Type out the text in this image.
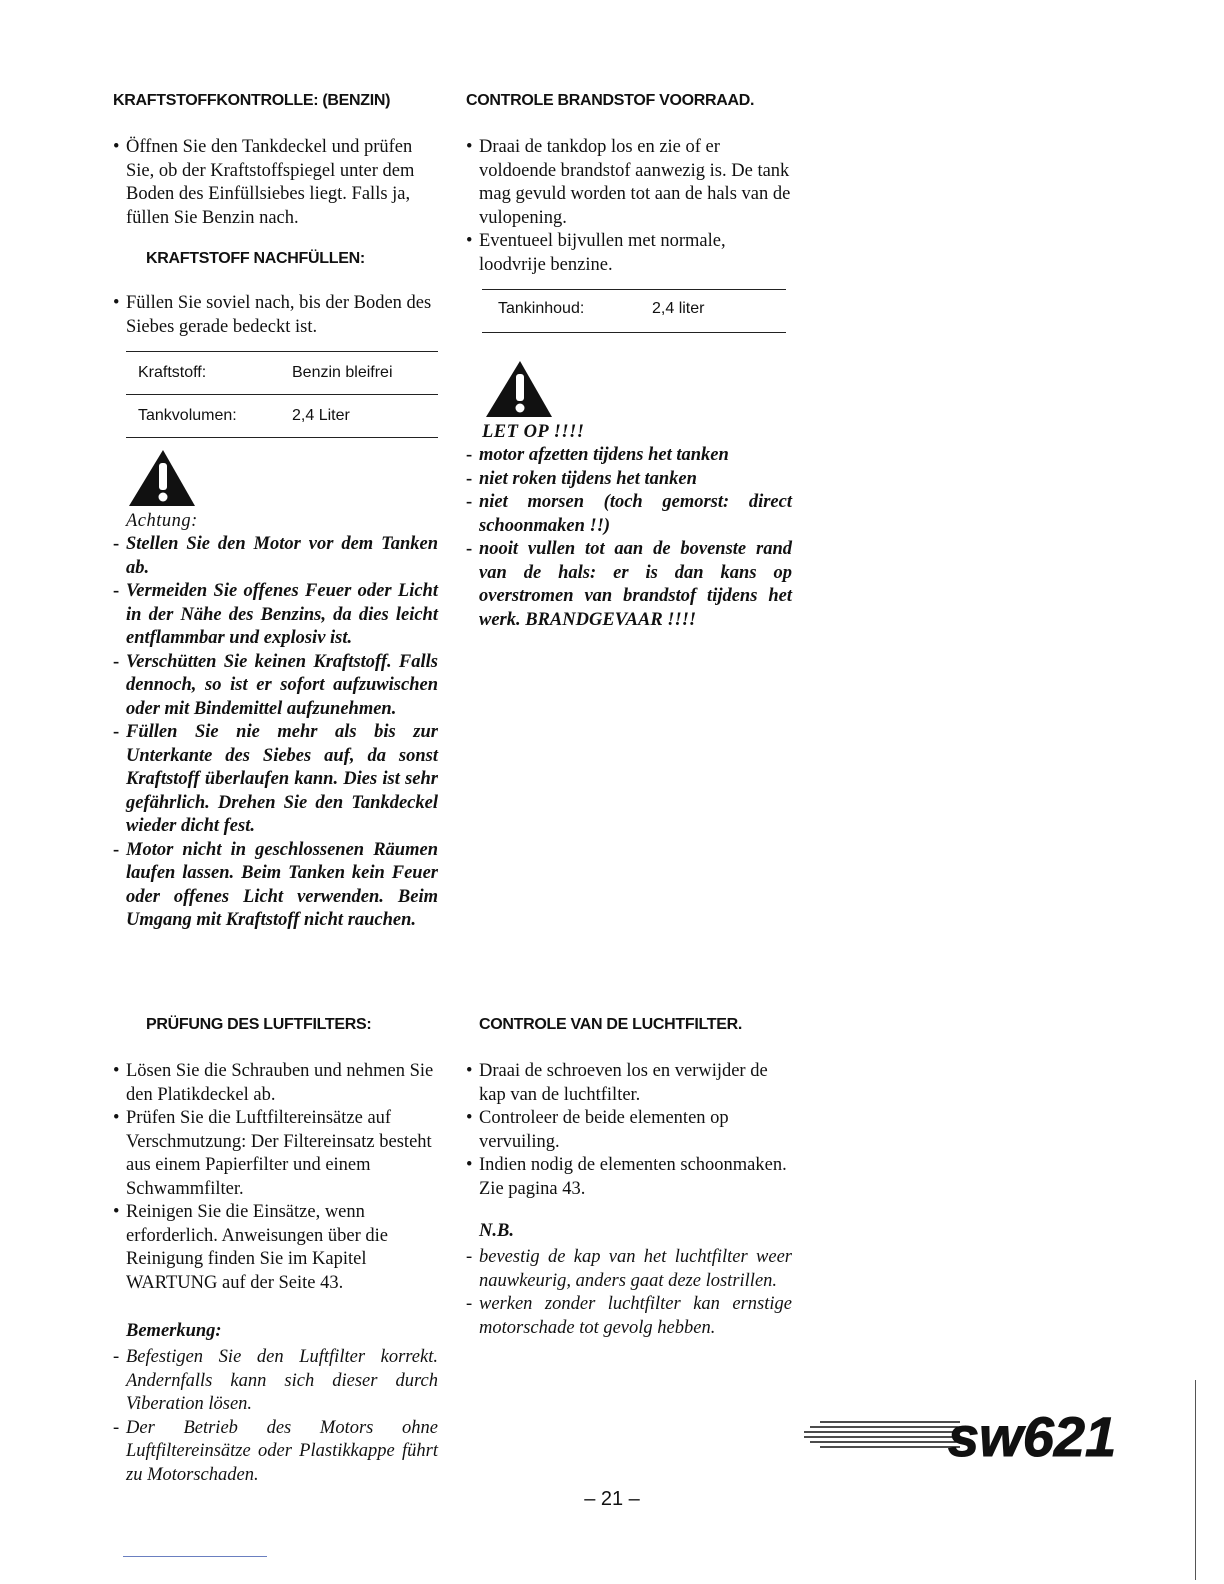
KRAFTSTOFFKONTROLLE: (BENZIN)
• Öffnen Sie den Tankdeckel und prüfen Sie, ob der Kraftstoffspiegel unter dem Boden des Einfüllsiebes liegt. Falls ja, füllen Sie Benzin nach.
KRAFTSTOFF NACHFÜLLEN:
• Füllen Sie soviel nach, bis der Boden des Siebes gerade bedeckt ist.
Kraftstoff:	Benzin bleifrei
Tankvolumen:	2,4 Liter
Achtung:
- Stellen Sie den Motor vor dem Tanken ab.
- Vermeiden Sie offenes Feuer oder Licht in der Nähe des Benzins, da dies leicht entflammbar und explosiv ist.
- Verschütten Sie keinen Kraftstoff. Falls dennoch, so ist er sofort aufzuwischen oder mit Bindemittel aufzunehmen.
- Füllen Sie nie mehr als bis zur Unterkante des Siebes auf, da sonst Kraftstoff überlaufen kann. Dies ist sehr gefährlich. Drehen Sie den Tankdeckel wieder dicht fest.
- Motor nicht in geschlossenen Räumen laufen lassen. Beim Tanken kein Feuer oder offenes Licht verwenden. Beim Umgang mit Kraftstoff nicht rauchen.
CONTROLE BRANDSTOF VOORRAAD.
• Draai de tankdop los en zie of er voldoende brandstof aanwezig is. De tank mag gevuld worden tot aan de hals van de vulopening.
• Eventueel bijvullen met normale, loodvrije benzine.
Tankinhoud:	2,4 liter
LET OP !!!!
- motor afzetten tijdens het tanken
- niet roken tijdens het tanken
- niet morsen (toch gemorst: direct schoonmaken !!)
- nooit vullen tot aan de bovenste rand van de hals: er is dan kans op overstromen van brandstof tijdens het werk. BRANDGEVAAR !!!!
PRÜFUNG DES LUFTFILTERS:
• Lösen Sie die Schrauben und nehmen Sie den Platikdeckel ab.
• Prüfen Sie die Luftfiltereinsätze auf Verschmutzung: Der Filtereinsatz besteht aus einem Papierfilter und einem Schwammfilter.
• Reinigen Sie die Einsätze, wenn erforderlich. Anweisungen über die Reinigung finden Sie im Kapitel WARTUNG auf der Seite 43.
Bemerkung:
- Befestigen Sie den Luftfilter korrekt. Andernfalls kann sich dieser durch Viberation lösen.
- Der Betrieb des Motors ohne Luftfiltereinsätze oder Plastikkappe führt zu Motorschaden.
CONTROLE VAN DE LUCHTFILTER.
• Draai de schroeven los en verwijder de kap van de luchtfilter.
• Controleer de beide elementen op vervuiling.
• Indien nodig de elementen schoonmaken. Zie pagina 43.
N.B.
- bevestig de kap van het luchtfilter weer nauwkeurig, anders gaat deze lostrillen.
- werken zonder luchtfilter kan ernstige motorschade tot gevolg hebben.
sw621
– 21 –
